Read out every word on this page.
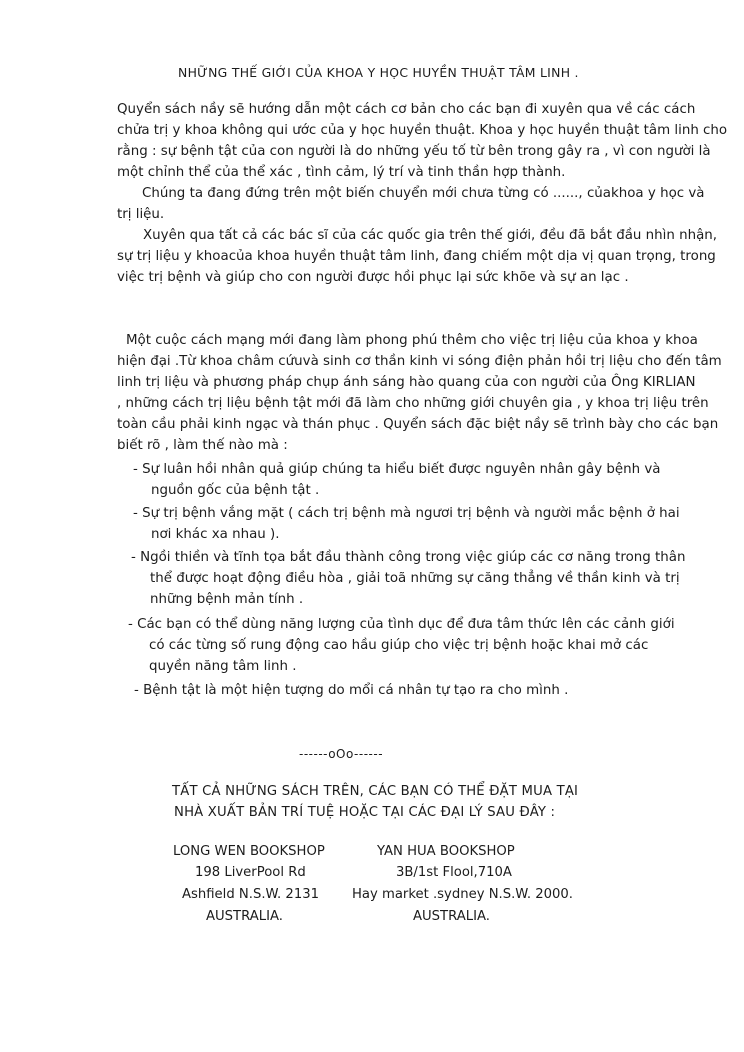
NHỮNG THẾ GIỚI CỦA KHOA Y HỌC HUYỀN THUẬT TÂM LINH .
Quyển sách nầy sẽ hướng dẫn một cách cơ bản cho các bạn đi xuyên qua về các cách
chửa trị y khoa không qui ước của y học huyền thuật. Khoa y học huyền thuật tâm linh cho
rằng : sự bệnh tật của con người là do những yếu tố từ bên trong gây ra , vì con người là
một chỉnh thể của thể xác , tình cảm, lý trí và tinh thần hợp thành.
Chúng ta đang đứng trên một biến chuyển mới chưa từng có ......, củakhoa y học và
trị liệu.
Xuyên qua tất cả các bác sĩ của các quốc gia trên thế giới, đều đã bắt đầu nhìn nhận,
sự trị liệu y khoacủa khoa huyền thuật tâm linh, đang chiếm một dịa vị quan trọng, trong
việc trị bệnh và giúp cho con người được hồi phục lại sức khõe và sự an lạc .
Một cuộc cách mạng mới đang làm phong phú thêm cho việc trị liệu của khoa y khoa
hiện đại .Từ khoa châm cứuvà sinh cơ thần kinh vi sóng điện phản hồi trị liệu cho đến tâm
linh trị liệu và phương pháp chụp ánh sáng hào quang của con người của Ông KIRLIAN
, những cách trị liệu bệnh tật mới đã làm cho những giới chuyên gia , y khoa trị liệu trên
toàn cầu phải kinh ngạc và thán phục . Quyển sách đặc biệt nầy sẽ trình bày cho các bạn
biết rõ , làm thế nào mà :
- Sự luân hồi nhân quả giúp chúng ta hiểu biết được nguyên nhân gây bệnh và
nguồn gốc của bệnh tật .
- Sự trị bệnh vắng mặt ( cách trị bệnh mà ngươi trị bệnh và người mắc bệnh ở hai
nơi khác xa nhau ).
- Ngồi thiền và tĩnh tọa bắt đầu thành công trong việc giúp các cơ năng trong thân
thể được hoạt động điều hòa , giải toã những sự căng thẳng về thần kinh và trị
những bệnh mản tính .
- Các bạn có thể dùng năng lượng của tình dục để đưa tâm thức lên các cảnh giới
có các từng số rung động cao hầu giúp cho việc trị bệnh hoặc khai mở các
quyền năng tâm linh .
- Bệnh tật là một hiện tượng do mổi cá nhân tự tạo ra cho mình .
------oOo------
TẤT CẢ NHỮNG SÁCH TRÊN, CÁC BẠN CÓ THỂ ĐẶT MUA TẠI
NHÀ XUẤT BẢN TRÍ TUỆ HOẶC TẠI CÁC ĐẠI LÝ SAU ĐÂY :
LONG WEN BOOKSHOP
198 LiverPool Rd
Ashfield N.S.W. 2131
AUSTRALIA.
YAN HUA BOOKSHOP
3B/1st Flool,710A
Hay market .sydney N.S.W. 2000.
AUSTRALIA.
